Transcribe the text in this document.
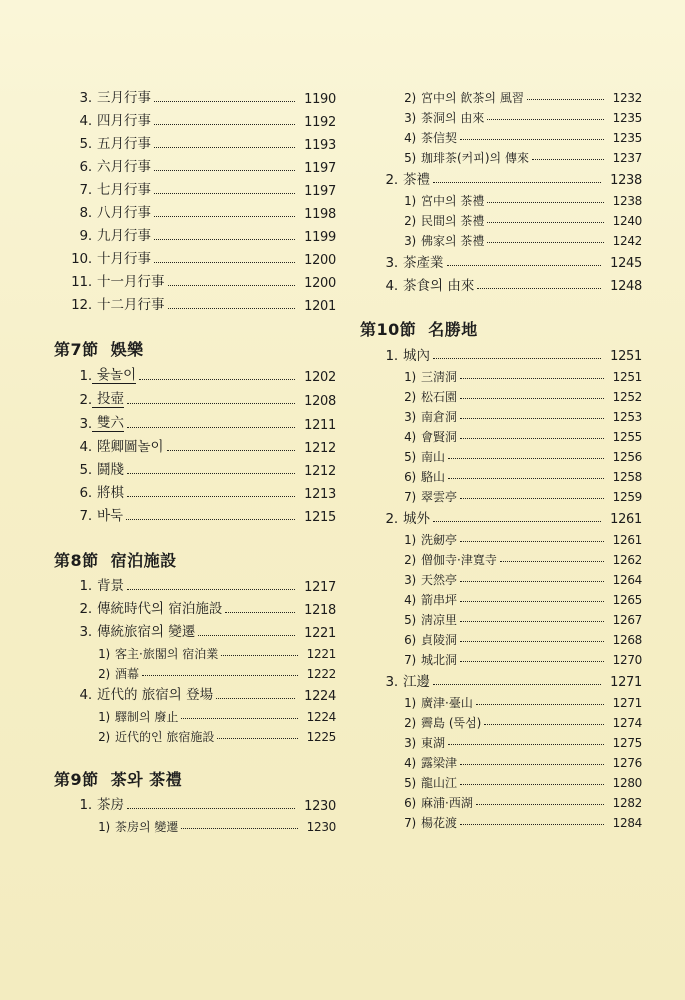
3. 三月行事	1190
4. 四月行事	1192
5. 五月行事	1193
6. 六月行事	1197
7. 七月行事	1197
8. 八月行事	1198
9. 九月行事	1199
10. 十月行事	1200
11. 十一月行事	1200
12. 十二月行事	1201
第7節 娛樂
1. 윷놀이	1202
2. 投壺	1208
3. 雙六	1211
4. 陞卿圖놀이	1212
5. 鬪牋	1212
6. 將棋	1213
7. 바둑	1215
第8節 宿泊施設
1. 背景	1217
2. 傳統時代의 宿泊施設	1218
3. 傳統旅宿의 變遷	1221
1) 客主·旅閣의 宿泊業	1221
2) 酒幕	1222
4. 近代的 旅宿의 登場	1224
1) 驛制의 廢止	1224
2) 近代的인 旅宿施設	1225
第9節 茶와 茶禮
1. 茶房	1230
1) 茶房의 變遷	1230
2) 宮中의 飮茶의 風習	1232
3) 茶洞의 由來	1235
4) 茶信契	1235
5) 珈琲茶(커피)의 傳來	1237
2. 茶禮	1238
1) 宮中의 茶禮	1238
2) 民間의 茶禮	1240
3) 佛家의 茶禮	1242
3. 茶產業	1245
4. 茶食의 由來	1248
第10節 名勝地
1. 城內	1251
1) 三淸洞	1251
2) 松石園	1252
3) 南倉洞	1253
4) 會賢洞	1255
5) 南山	1256
6) 駱山	1258
7) 翠雲亭	1259
2. 城外	1261
1) 洗劒亭	1261
2) 僧伽寺·津寬寺	1262
3) 天然亭	1264
4) 箭串坪	1265
5) 淸凉里	1267
6) 貞陵洞	1268
7) 城北洞	1270
3. 江邊	1271
1) 廣津·臺山	1271
2) 霽島 (뚝섬)	1274
3) 東湖	1275
4) 露梁津	1276
5) 龍山江	1280
6) 麻浦·西湖	1282
7) 楊花渡	1284
